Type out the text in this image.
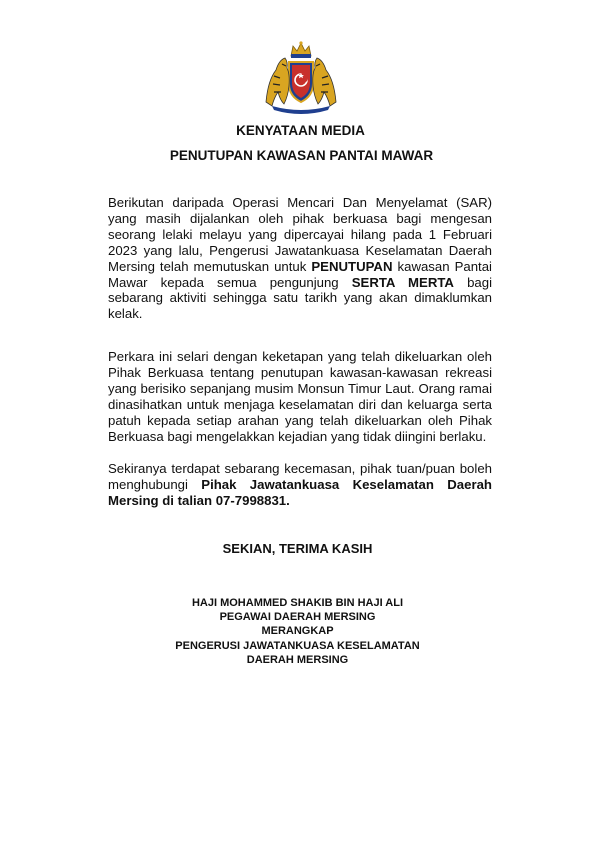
KENYATAAN MEDIA
PENUTUPAN KAWASAN PANTAI MAWAR
Berikutan daripada Operasi Mencari Dan Menyelamat (SAR) yang masih dijalankan oleh pihak berkuasa bagi mengesan seorang lelaki melayu yang dipercayai hilang pada 1 Februari 2023 yang lalu, Pengerusi Jawatankuasa Keselamatan Daerah Mersing telah memutuskan untuk PENUTUPAN kawasan Pantai Mawar kepada semua pengunjung SERTA MERTA bagi sebarang aktiviti sehingga satu tarikh yang akan dimaklumkan kelak.
Perkara ini selari dengan keketapan yang telah dikeluarkan oleh Pihak Berkuasa tentang penutupan kawasan-kawasan rekreasi yang berisiko sepanjang musim Monsun Timur Laut. Orang ramai dinasihatkan untuk menjaga keselamatan diri dan keluarga serta patuh kepada setiap arahan yang telah dikeluarkan oleh Pihak Berkuasa bagi mengelakkan kejadian yang tidak diingini berlaku.
Sekiranya terdapat sebarang kecemasan, pihak tuan/puan boleh menghubungi Pihak Jawatankuasa Keselamatan Daerah Mersing di talian 07-7998831.
SEKIAN, TERIMA KASIH
HAJI MOHAMMED SHAKIB BIN HAJI ALI
PEGAWAI DAERAH MERSING
MERANGKAP
PENGERUSI JAWATANKUASA KESELAMATAN
DAERAH MERSING
